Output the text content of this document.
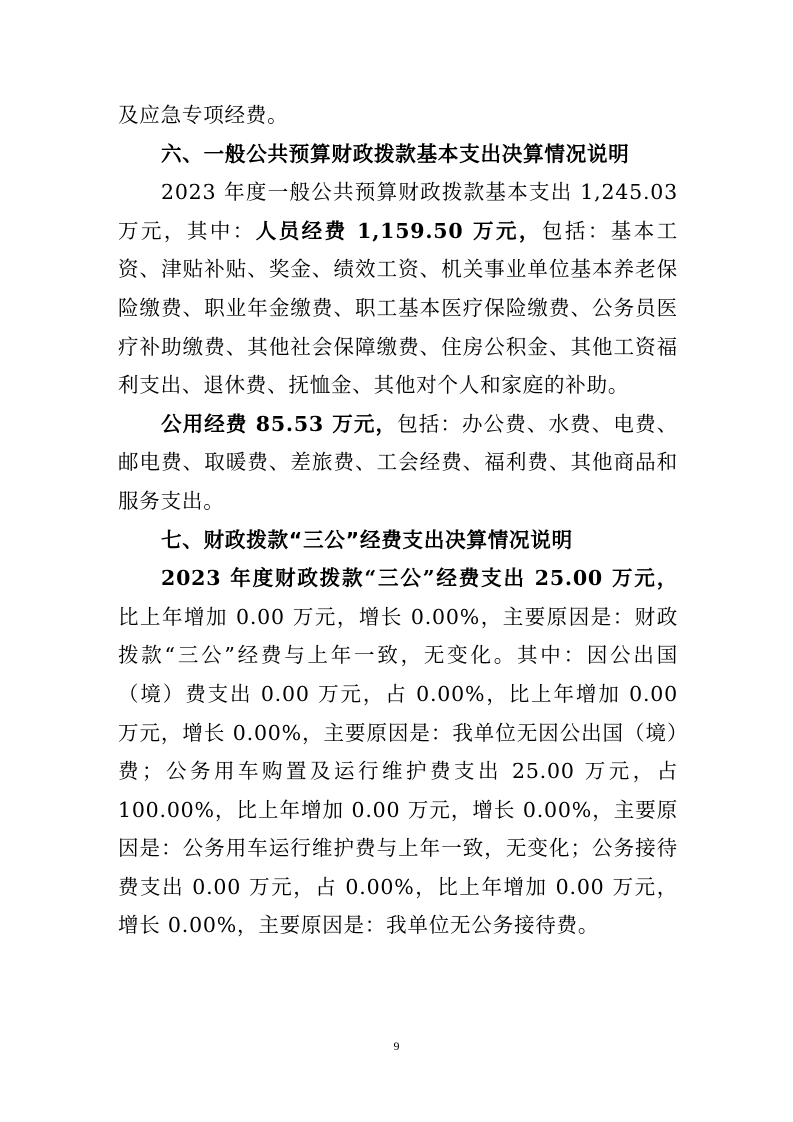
及应急专项经费。

六、一般公共预算财政拨款基本支出决算情况说明

2023 年度一般公共预算财政拨款基本支出 1,245.03 万元，其中：人员经费 1,159.50 万元，包括：基本工资、津贴补贴、奖金、绩效工资、机关事业单位基本养老保险缴费、职业年金缴费、职工基本医疗保险缴费、公务员医疗补助缴费、其他社会保障缴费、住房公积金、其他工资福利支出、退休费、抚恤金、其他对个人和家庭的补助。

公用经费 85.53 万元，包括：办公费、水费、电费、邮电费、取暖费、差旅费、工会经费、福利费、其他商品和服务支出。

七、财政拨款“三公”经费支出决算情况说明

2023 年度财政拨款“三公”经费支出 25.00 万元，比上年增加 0.00 万元，增长 0.00%，主要原因是：财政拨款“三公”经费与上年一致，无变化。其中：因公出国（境）费支出 0.00 万元，占 0.00%，比上年增加 0.00 万元，增长 0.00%，主要原因是：我单位无因公出国（境）费；公务用车购置及运行维护费支出 25.00 万元，占 100.00%，比上年增加 0.00 万元，增长 0.00%，主要原因是：公务用车运行维护费与上年一致，无变化；公务接待费支出 0.00 万元，占 0.00%，比上年增加 0.00 万元，增长 0.00%，主要原因是：我单位无公务接待费。

9
